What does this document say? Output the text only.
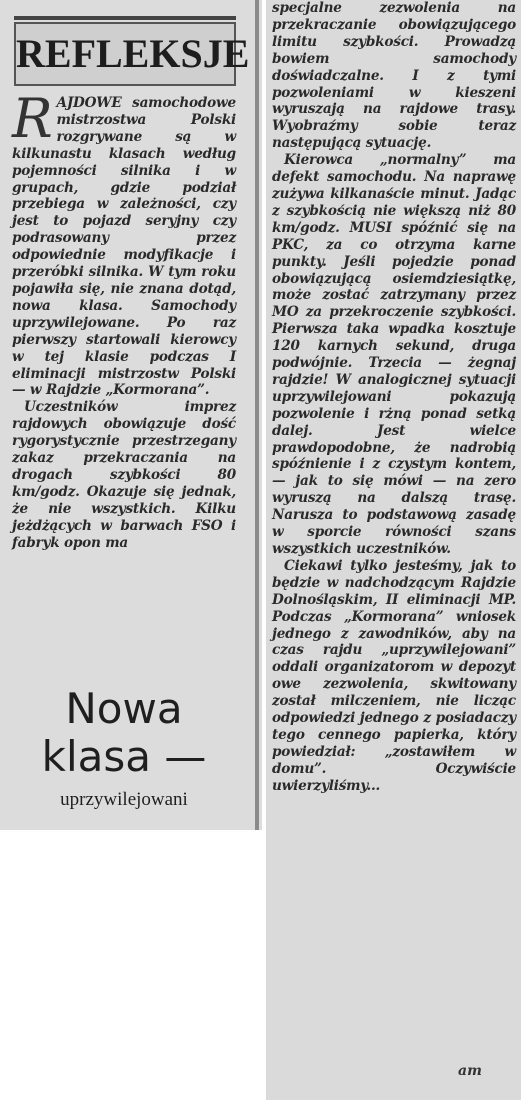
REFLEKSJE

RAJDOWE samochodowe mistrzostwa Polski rozgrywane są w kilkunastu klasach według pojemności silnika i w grupach, gdzie podział przebiega w zależności, czy jest to pojazd seryjny czy podrasowany przez odpowiednie modyfikacje i przeróbki silnika. W tym roku pojawiła się, nie znana dotąd, nowa klasa. Samochody uprzywilejowane. Po raz pierwszy startowali kierowcy w tej klasie podczas I eliminacji mistrzostw Polski — w Rajdzie „Kormorana”.

Uczestników imprez rajdowych obowiązuje dość rygorystycznie przestrzegany zakaz przekraczania na drogach szybkości 80 km/godz. Okazuje się jednak, że nie wszystkich. Kilku jeżdżących w barwach FSO i fabryk opon ma

Nowa
klasa —
uprzywilejowani

specjalne zezwolenia na przekraczanie obowiązującego limitu szybkości. Prowadzą bowiem samochody doświadczalne. I z tymi pozwoleniami w kieszeni wyruszają na rajdowe trasy. Wyobraźmy sobie teraz następującą sytuację.

Kierowca „normalny” ma defekt samochodu. Na naprawę zużywa kilkanaście minut. Jadąc z szybkością nie większą niż 80 km/godz. MUSI spóźnić się na PKC, za co otrzyma karne punkty. Jeśli pojedzie ponad obowiązującą osiemdziesiątkę, może zostać zatrzymany przez MO za przekroczenie szybkości. Pierwsza taka wpadka kosztuje 120 karnych sekund, druga podwójnie. Trzecia — żegnaj rajdzie! W analogicznej sytuacji uprzywilejowani pokazują pozwolenie i rżną ponad setką dalej. Jest wielce prawdopodobne, że nadrobią spóźnienie i z czystym kontem, — jak to się mówi — na zero wyruszą na dalszą trasę. Narusza to podstawową zasadę w sporcie równości szans wszystkich uczestników.

Ciekawi tylko jesteśmy, jak to będzie w nadchodzącym Rajdzie Dolnośląskim, II eliminacji MP. Podczas „Kormorana” wniosek jednego z zawodników, aby na czas rajdu „uprzywilejowani” oddali organizatorom w depozyt owe zezwolenia, skwitowany został milczeniem, nie licząc odpowiedzi jednego z posiadaczy tego cennego papierka, który powiedział: „zostawiłem w domu”. Oczywiście uwierzyliśmy...

am
